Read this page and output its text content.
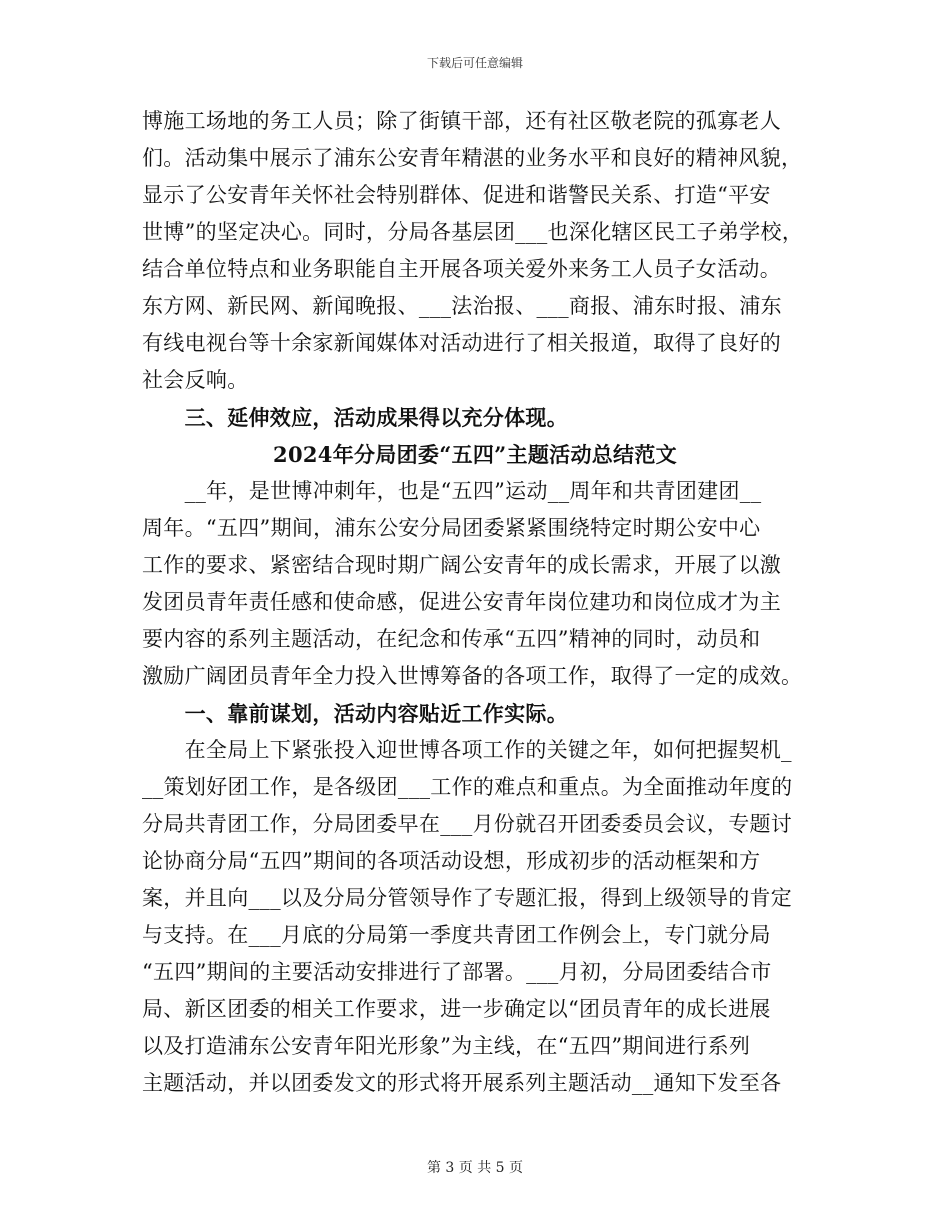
下载后可任意编辑
博施工场地的务工人员；除了街镇干部，还有社区敬老院的孤寡老人
们。活动集中展示了浦东公安青年精湛的业务水平和良好的精神风貌，
显示了公安青年关怀社会特别群体、促进和谐警民关系、打造“平安
世博”的坚定决心。同时，分局各基层团___也深化辖区民工子弟学校，
结合单位特点和业务职能自主开展各项关爱外来务工人员子女活动。
东方网、新民网、新闻晚报、___法治报、___商报、浦东时报、浦东
有线电视台等十余家新闻媒体对活动进行了相关报道，取得了良好的
社会反响。
　　三、延伸效应，活动成果得以充分体现。
2024年分局团委“五四”主题活动总结范文
　　__年，是世博冲刺年，也是“五四”运动__周年和共青团建团__
周年。“五四”期间，浦东公安分局团委紧紧围绕特定时期公安中心
工作的要求、紧密结合现时期广阔公安青年的成长需求，开展了以激
发团员青年责任感和使命感，促进公安青年岗位建功和岗位成才为主
要内容的系列主题活动，在纪念和传承“五四”精神的同时，动员和
激励广阔团员青年全力投入世博筹备的各项工作，取得了一定的成效。
　　一、靠前谋划，活动内容贴近工作实际。
　　在全局上下紧张投入迎世博各项工作的关键之年，如何把握契机_
__策划好团工作，是各级团___工作的难点和重点。为全面推动年度的
分局共青团工作，分局团委早在___月份就召开团委委员会议，专题讨
论协商分局“五四”期间的各项活动设想，形成初步的活动框架和方
案，并且向___以及分局分管领导作了专题汇报，得到上级领导的肯定
与支持。在___月底的分局第一季度共青团工作例会上，专门就分局
“五四”期间的主要活动安排进行了部署。___月初，分局团委结合市
局、新区团委的相关工作要求，进一步确定以“团员青年的成长进展
以及打造浦东公安青年阳光形象”为主线，在“五四”期间进行系列
主题活动，并以团委发文的形式将开展系列主题活动__通知下发至各
第 3 页 共 5 页
